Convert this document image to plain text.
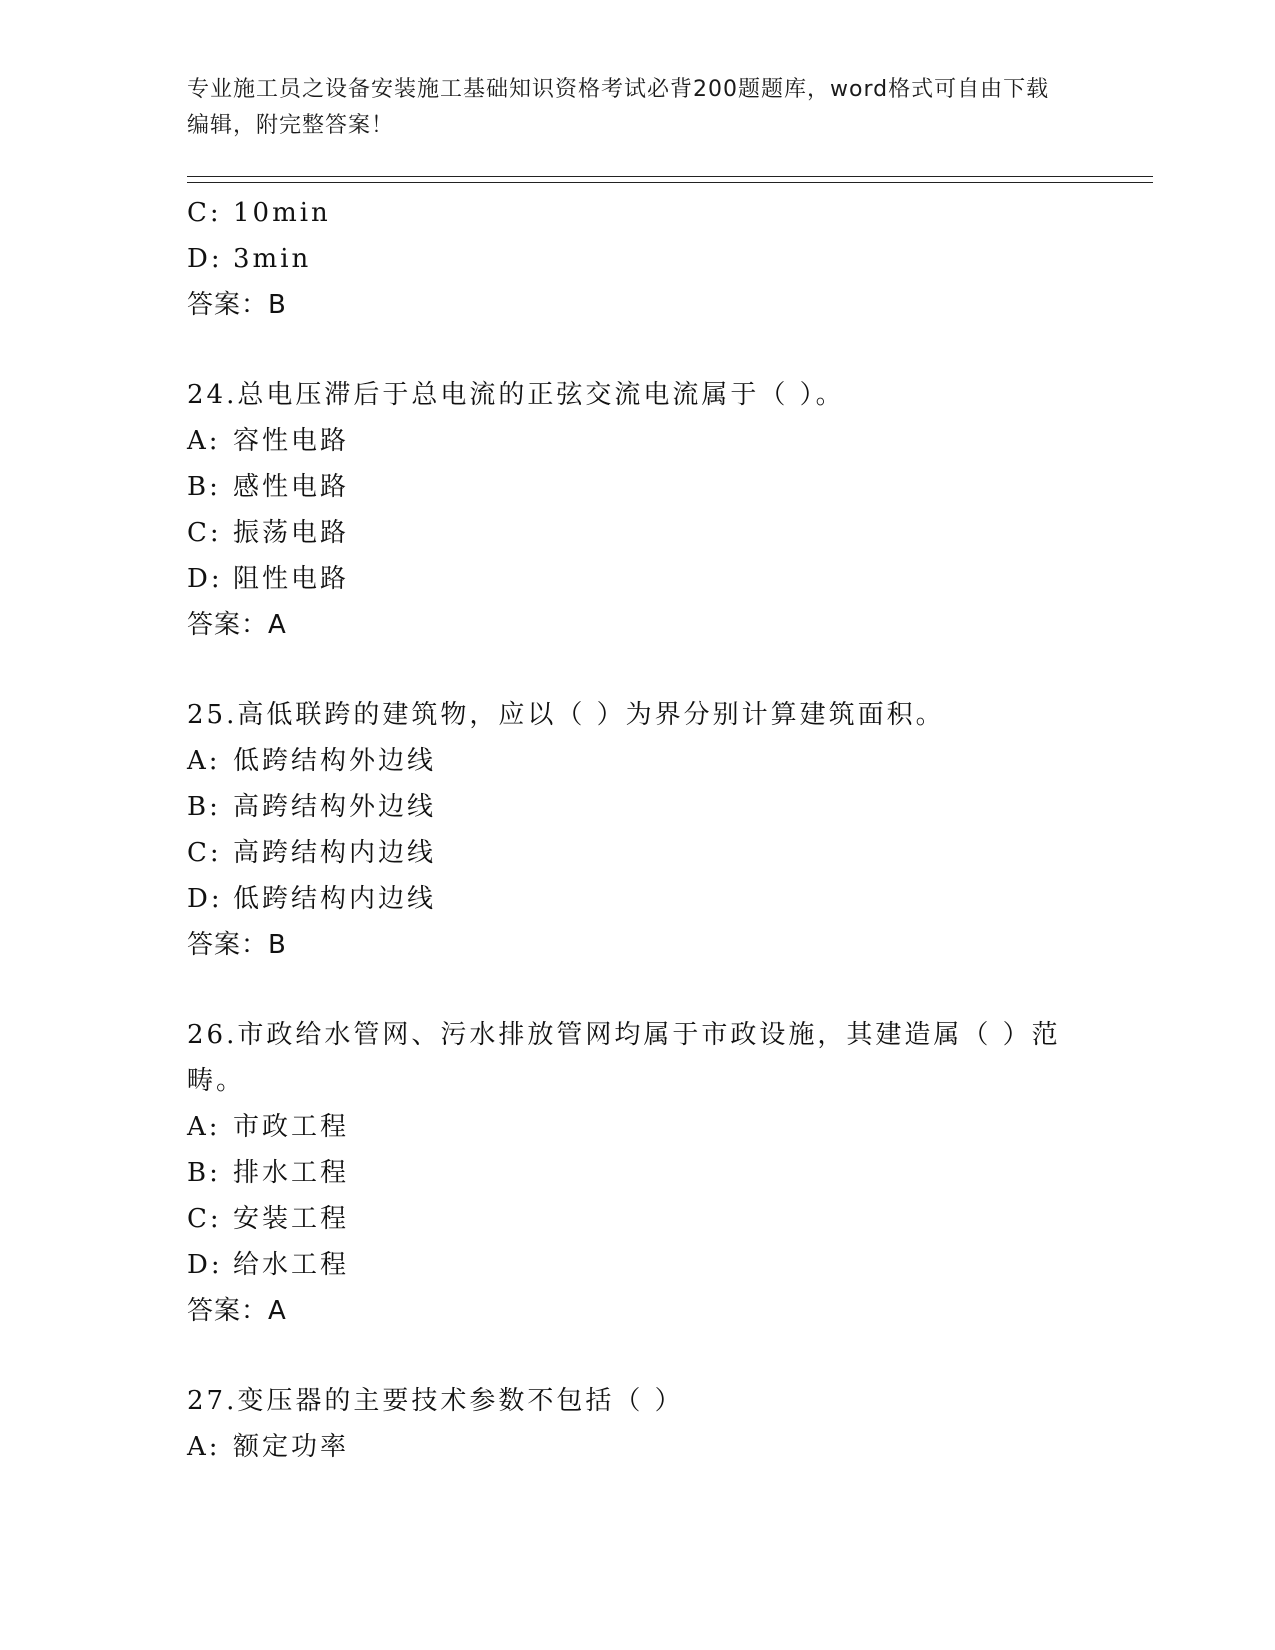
专业施工员之设备安装施工基础知识资格考试必背200题题库，word格式可自由下载编辑，附完整答案！
C: 10min
D: 3min
答案：B
24.总电压滞后于总电流的正弦交流电流属于（ ）。
A: 容性电路
B: 感性电路
C: 振荡电路
D: 阻性电路
答案：A
25.高低联跨的建筑物，应以（ ）为界分别计算建筑面积。
A: 低跨结构外边线
B: 高跨结构外边线
C: 高跨结构内边线
D: 低跨结构内边线
答案：B
26.市政给水管网、污水排放管网均属于市政设施，其建造属（ ）范畴。
A: 市政工程
B: 排水工程
C: 安装工程
D: 给水工程
答案：A
27.变压器的主要技术参数不包括（ ）
A: 额定功率
